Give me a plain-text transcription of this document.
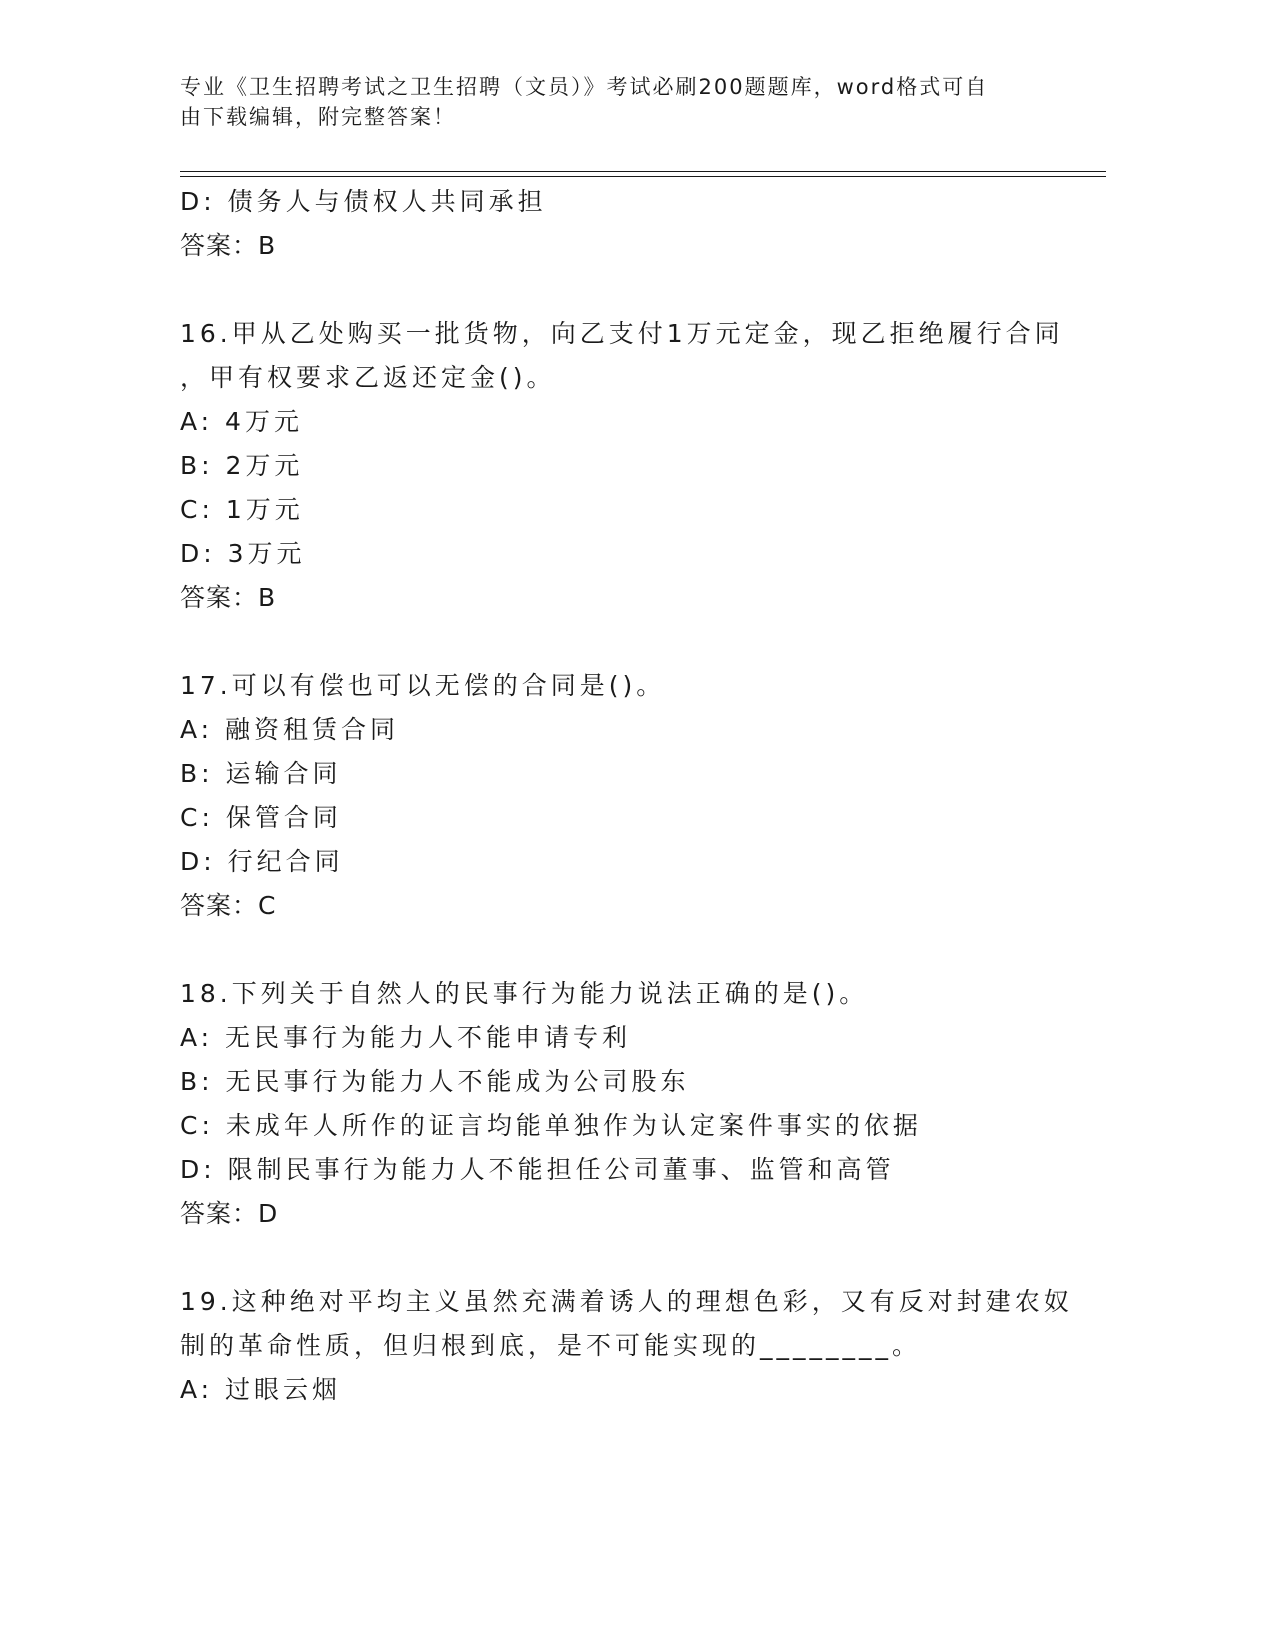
专业《卫生招聘考试之卫生招聘（文员）》考试必刷200题题库，word格式可自
由下载编辑，附完整答案！
D: 债务人与债权人共同承担
答案：B
16.甲从乙处购买一批货物，向乙支付1万元定金，现乙拒绝履行合同
，甲有权要求乙返还定金()。
A: 4万元
B: 2万元
C: 1万元
D: 3万元
答案：B
17.可以有偿也可以无偿的合同是()。
A: 融资租赁合同
B: 运输合同
C: 保管合同
D: 行纪合同
答案：C
18.下列关于自然人的民事行为能力说法正确的是()。
A: 无民事行为能力人不能申请专利
B: 无民事行为能力人不能成为公司股东
C: 未成年人所作的证言均能单独作为认定案件事实的依据
D: 限制民事行为能力人不能担任公司董事、监管和高管
答案：D
19.这种绝对平均主义虽然充满着诱人的理想色彩，又有反对封建农奴
制的革命性质，但归根到底，是不可能实现的________。
A: 过眼云烟
